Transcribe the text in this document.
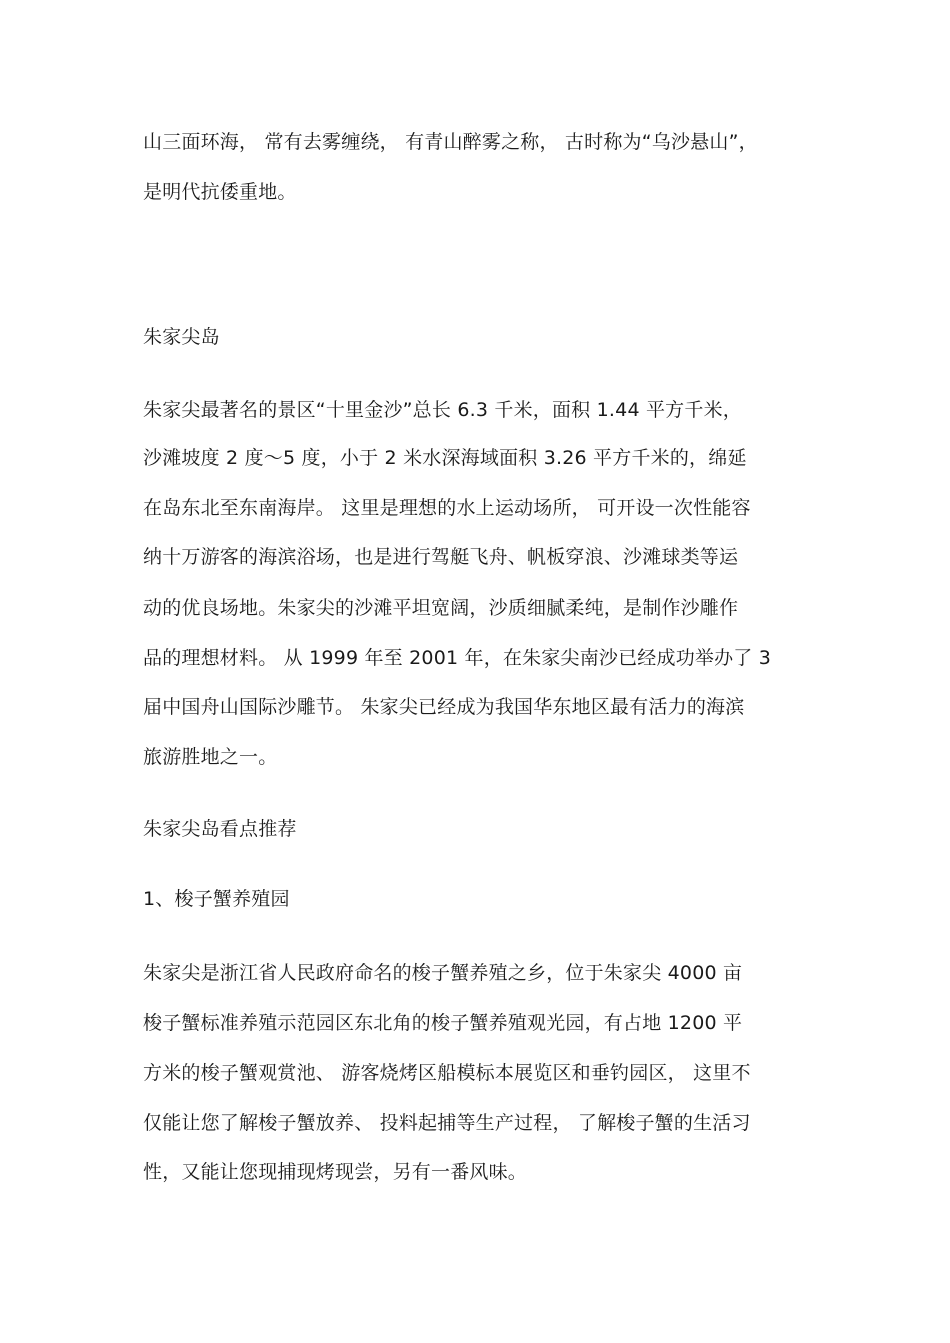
山三面环海， 常有去雾缠绕， 有青山醉雾之称， 古时称为“乌沙悬山”，
是明代抗倭重地。
朱家尖岛
朱家尖最著名的景区“十里金沙”总长 6.3 千米，面积 1.44 平方千米，
沙滩坡度 2 度～5 度，小于 2 米水深海域面积 3.26 平方千米的，绵延
在岛东北至东南海岸。 这里是理想的水上运动场所， 可开设一次性能容
纳十万游客的海滨浴场，也是进行驾艇飞舟、帆板穿浪、沙滩球类等运
动的优良场地。朱家尖的沙滩平坦宽阔，沙质细腻柔纯，是制作沙雕作
品的理想材料。 从 1999 年至 2001 年，在朱家尖南沙已经成功举办了 3
届中国舟山国际沙雕节。 朱家尖已经成为我国华东地区最有活力的海滨
旅游胜地之一。
朱家尖岛看点推荐
1、梭子蟹养殖园
朱家尖是浙江省人民政府命名的梭子蟹养殖之乡，位于朱家尖 4000 亩
梭子蟹标准养殖示范园区东北角的梭子蟹养殖观光园，有占地 1200 平
方米的梭子蟹观赏池、 游客烧烤区船模标本展览区和垂钓园区， 这里不
仅能让您了解梭子蟹放养、 投料起捕等生产过程， 了解梭子蟹的生活习
性，又能让您现捕现烤现尝，另有一番风味。
